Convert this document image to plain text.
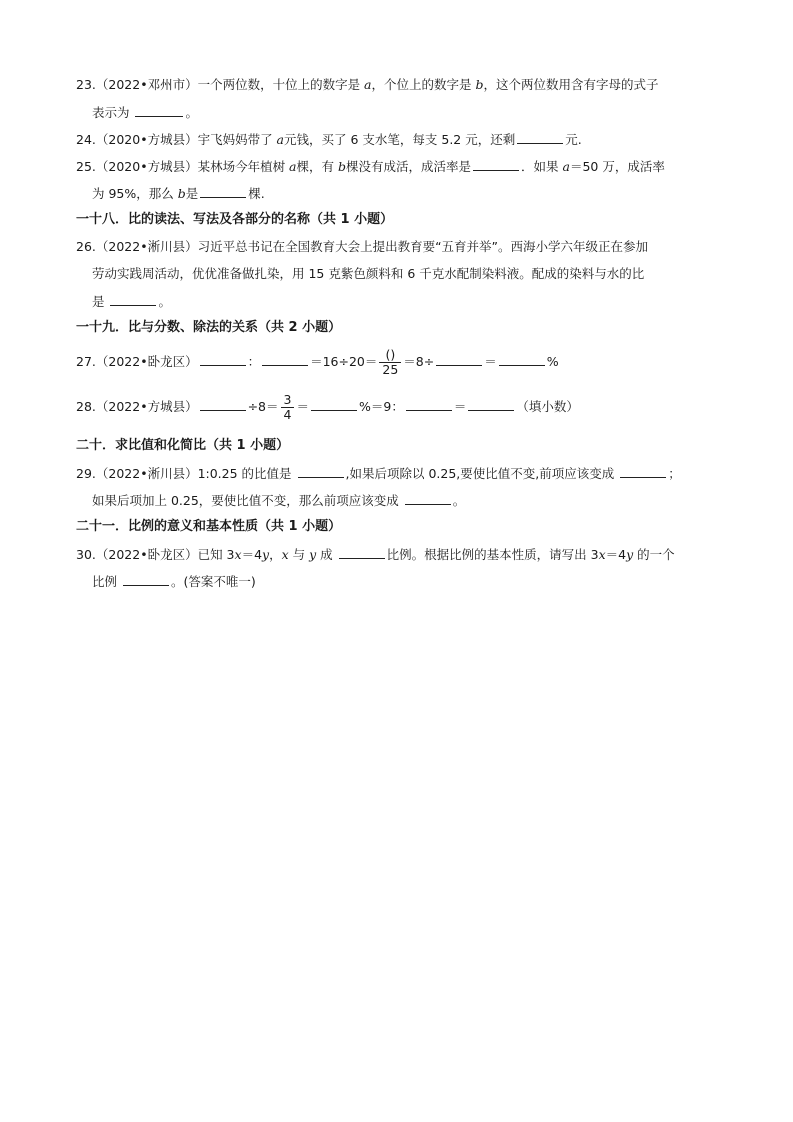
23.（2022•邓州市）一个两位数，十位上的数字是 a，个位上的数字是 b，这个两位数用含有字母的式子
表示为	。
24.（2020•方城县）宇飞妈妈带了 a元钱，买了 6 支水笔，每支 5.2 元，还剩	元.
25.（2020•方城县）某林场今年植树 a棵，有 b棵没有成活，成活率是	．如果 a＝50 万，成活率
为 95%，那么 b是	棵.
一十八．比的读法、写法及各部分的名称（共 1 小题）
26.（2022•淅川县）习近平总书记在全国教育大会上提出教育要“五育并举”。西海小学六年级正在参加
劳动实践周活动，优优准备做扎染，用 15 克紫色颜料和 6 千克水配制染料液。配成的染料与水的比
是	。
一十九．比与分数、除法的关系（共 2 小题）
27.（2022•卧龙区）	：	$=16\div 20= \frac{()}{25} =8\div$	＝	%
28.（2022•方城县）	$\div 8= \frac{3}{4}$ ＝	%＝9：	＝	（填小数）
二十．求比值和化简比（共 1 小题）
29.（2022•淅川县）1:0.25 的比值是	,如果后项除以 0.25,要使比值不变,前项应该变成	；
如果后项加上 0.25，要使比值不变，那么前项应该变成	。
二十一．比例的意义和基本性质（共 1 小题）
30.（2022•卧龙区）已知 3x＝4y，x 与 y 成	比例。根据比例的基本性质，请写出 3x＝4y 的一个
比例	。(答案不唯一)
